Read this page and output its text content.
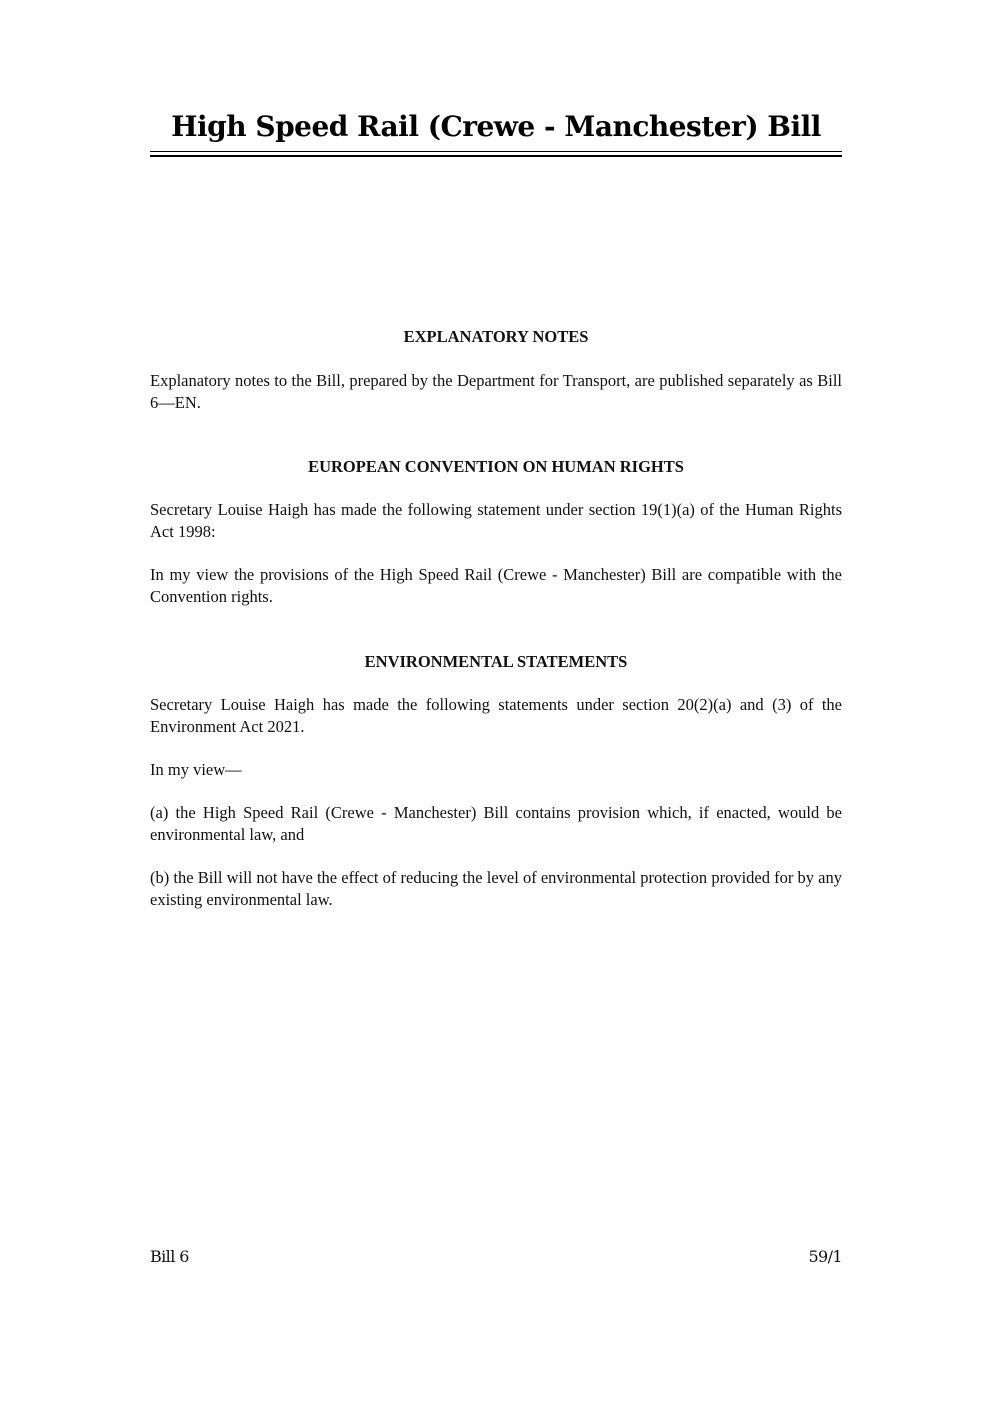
High Speed Rail (Crewe - Manchester) Bill
EXPLANATORY NOTES

Explanatory notes to the Bill, prepared by the Department for Transport, are published separately as Bill 6—EN.

EUROPEAN CONVENTION ON HUMAN RIGHTS

Secretary Louise Haigh has made the following statement under section 19(1)(a) of the Human Rights Act 1998:

In my view the provisions of the High Speed Rail (Crewe - Manchester) Bill are compatible with the Convention rights.

ENVIRONMENTAL STATEMENTS

Secretary Louise Haigh has made the following statements under section 20(2)(a) and (3) of the Environment Act 2021.

In my view—

(a) the High Speed Rail (Crewe - Manchester) Bill contains provision which, if enacted, would be environmental law, and

(b) the Bill will not have the effect of reducing the level of environmental protection provided for by any existing environmental law.

Bill 6	59/1
